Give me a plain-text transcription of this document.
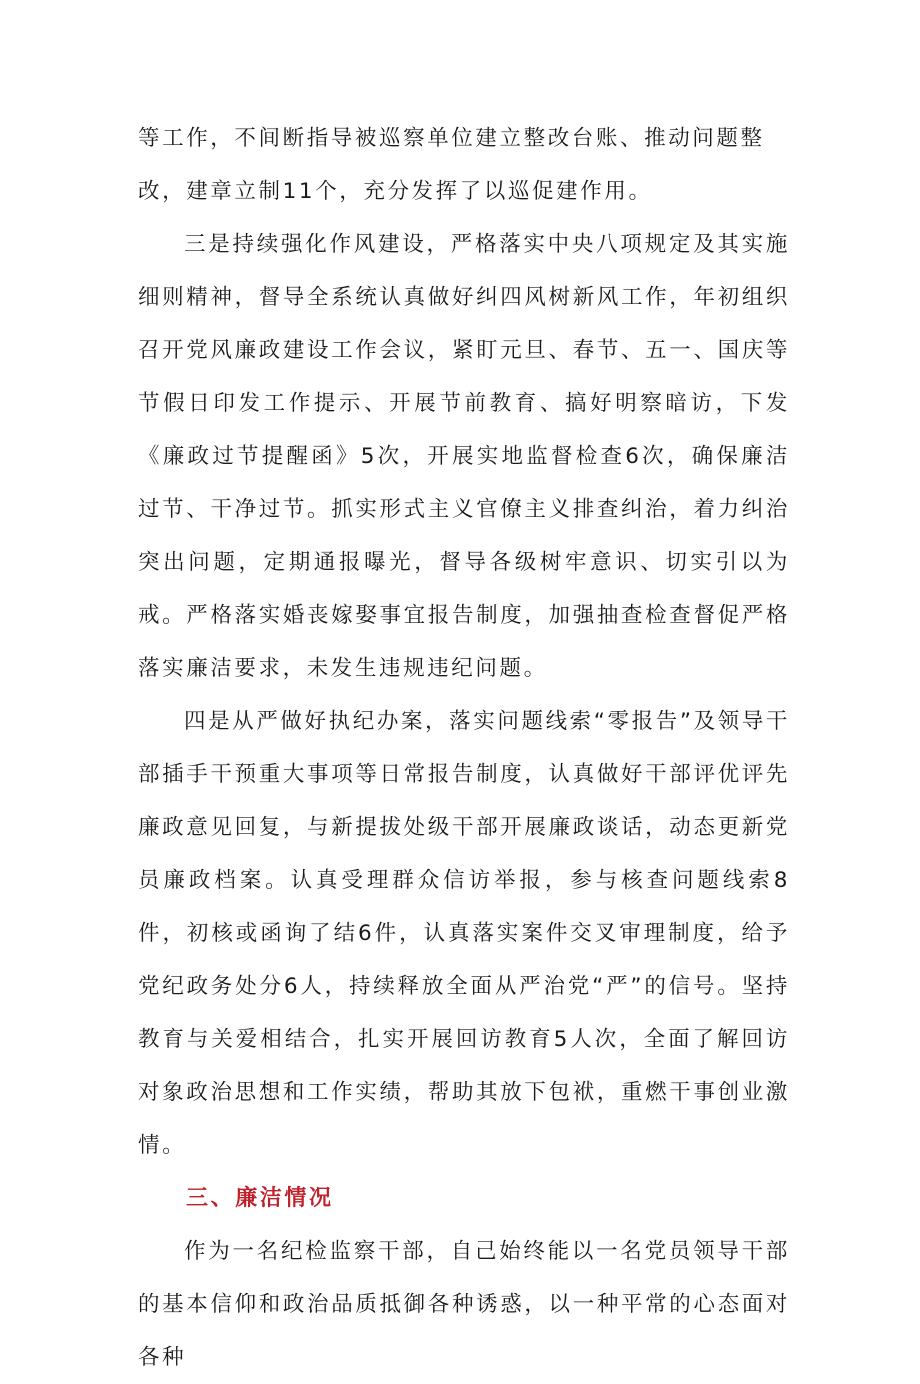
等工作，不间断指导被巡察单位建立整改台账、推动问题整改，建章立制11个，充分发挥了以巡促建作用。

三是持续强化作风建设，严格落实中央八项规定及其实施细则精神，督导全系统认真做好纠四风树新风工作，年初组织召开党风廉政建设工作会议，紧盯元旦、春节、五一、国庆等节假日印发工作提示、开展节前教育、搞好明察暗访，下发《廉政过节提醒函》5次，开展实地监督检查6次，确保廉洁过节、干净过节。抓实形式主义官僚主义排查纠治，着力纠治突出问题，定期通报曝光，督导各级树牢意识、切实引以为戒。严格落实婚丧嫁娶事宜报告制度，加强抽查检查督促严格落实廉洁要求，未发生违规违纪问题。

四是从严做好执纪办案，落实问题线索“零报告”及领导干部插手干预重大事项等日常报告制度，认真做好干部评优评先廉政意见回复，与新提拔处级干部开展廉政谈话，动态更新党员廉政档案。认真受理群众信访举报，参与核查问题线索8件，初核或函询了结6件，认真落实案件交叉审理制度，给予党纪政务处分6人，持续释放全面从严治党“严”的信号。坚持教育与关爱相结合，扎实开展回访教育5人次，全面了解回访对象政治思想和工作实绩，帮助其放下包袱，重燃干事创业激情。

三、廉洁情况

作为一名纪检监察干部，自己始终能以一名党员领导干部的基本信仰和政治品质抵御各种诱惑，以一种平常的心态面对各种
